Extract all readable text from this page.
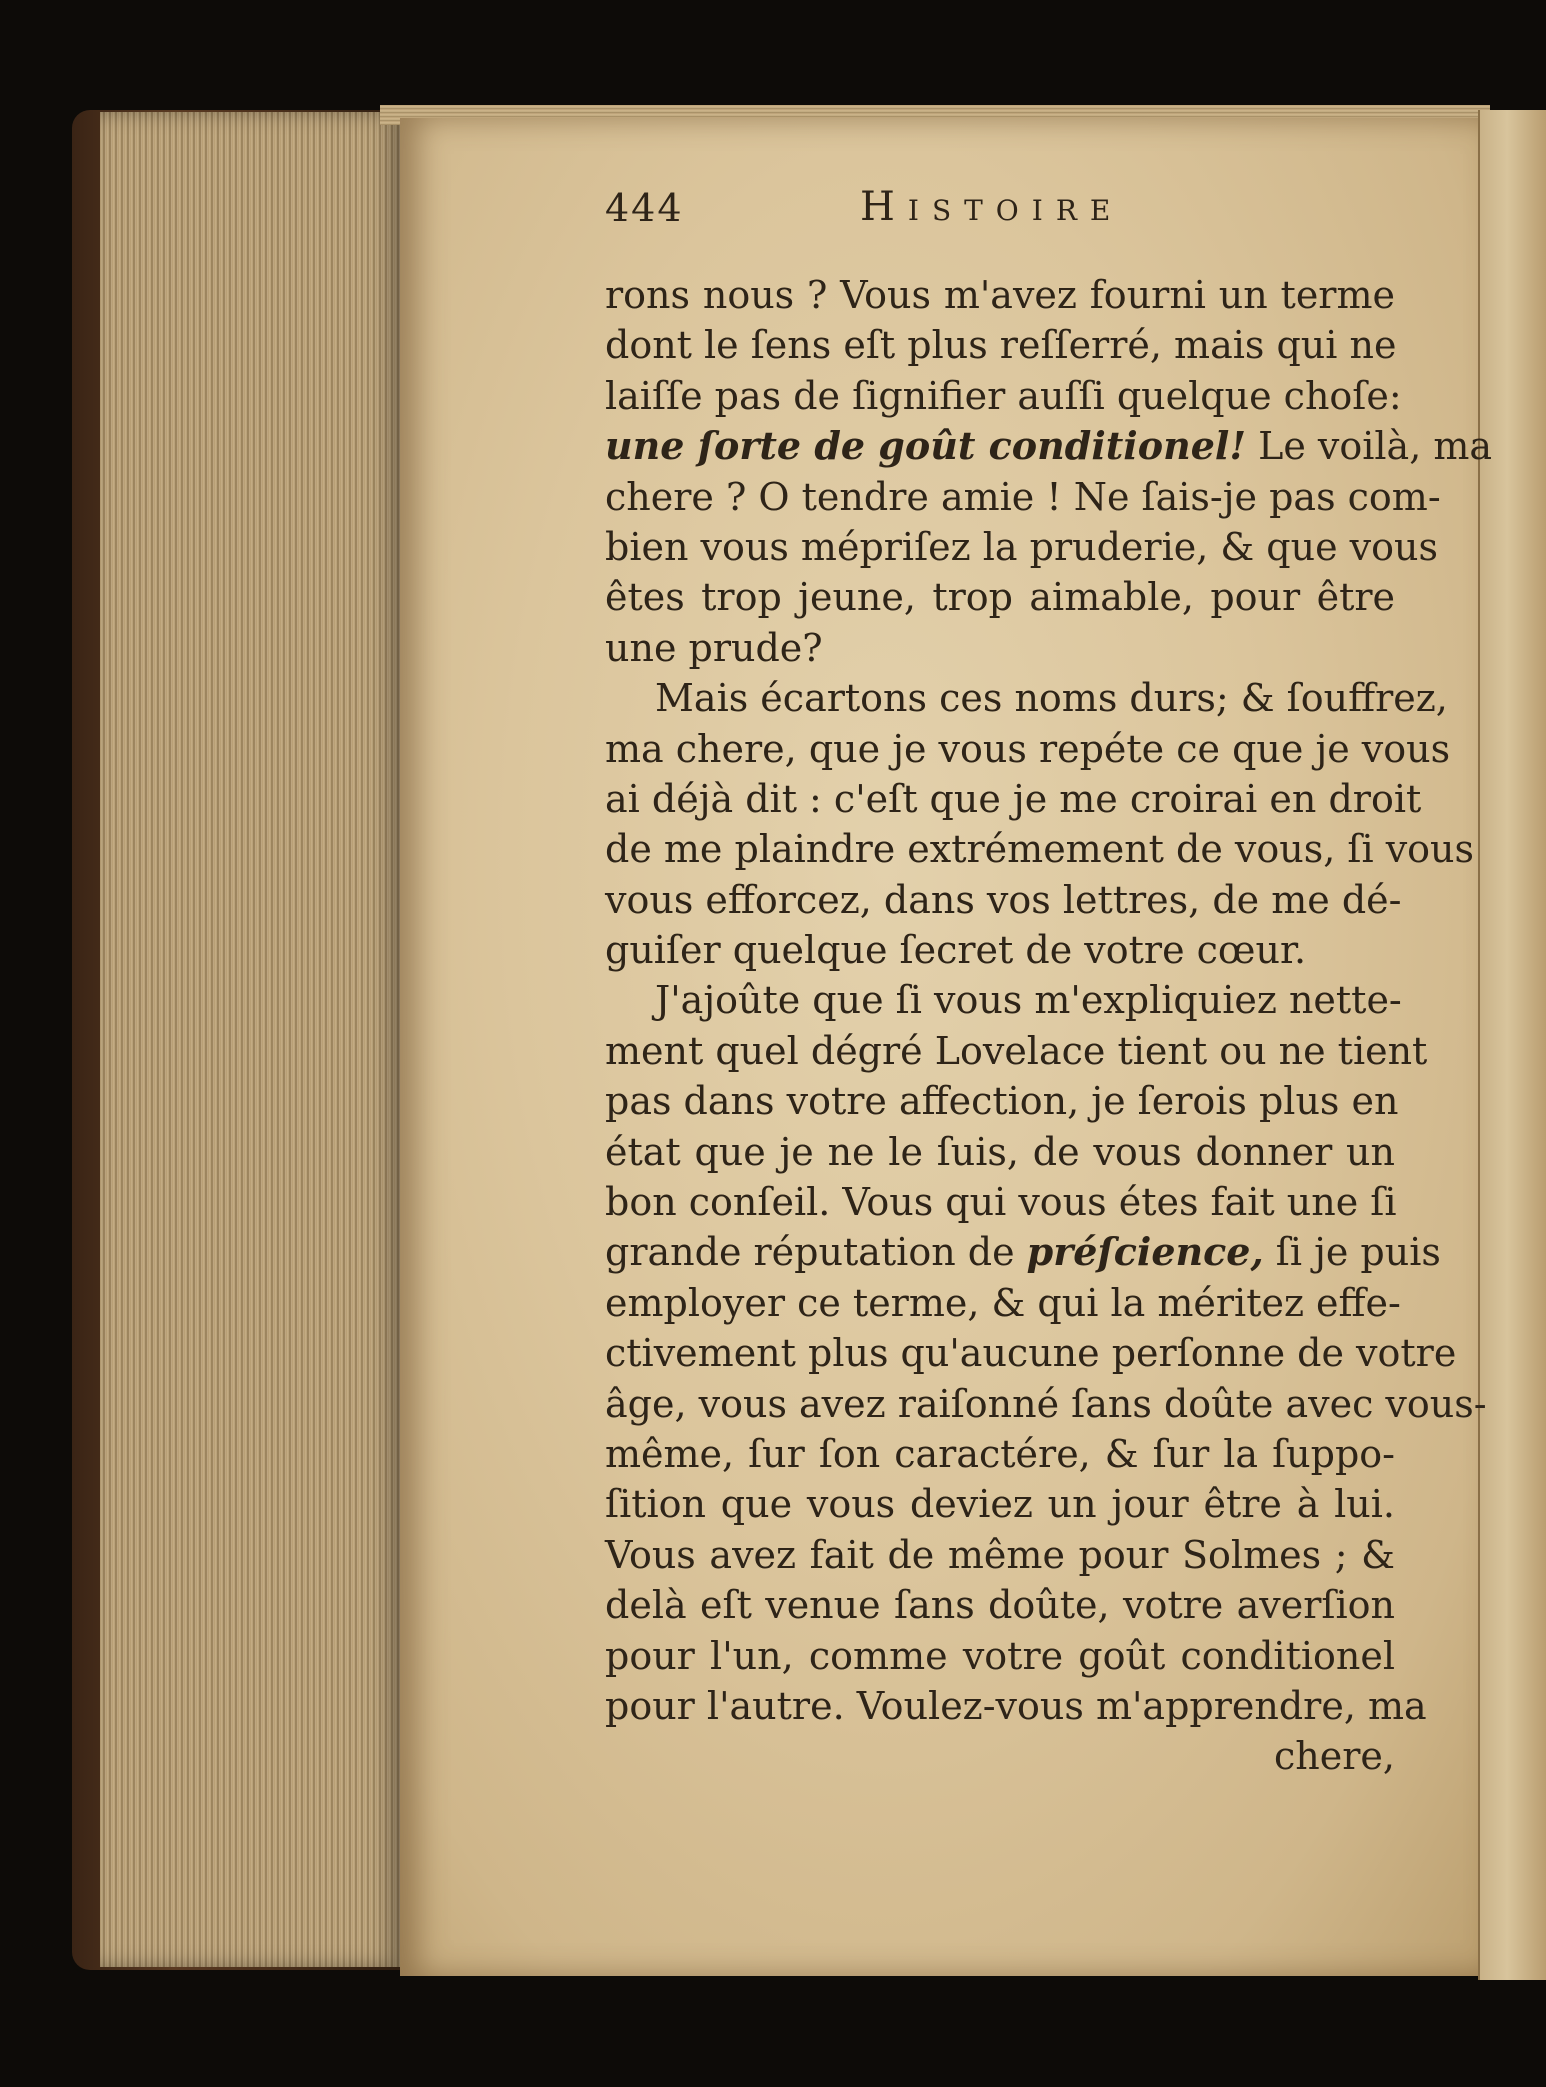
444	Histoire
rons nous ? Vous m'avez fourni un terme
dont le ſens eſt plus reſſerré, mais qui ne
laiſſe pas de ſignifier auſſi quelque choſe:
une ſorte de goût conditionel! Le voilà, ma
chere ? O tendre amie ! Ne ſais-je pas com-
bien vous mépriſez la pruderie, & que vous
êtes trop jeune, trop aimable, pour être
une prude?
Mais écartons ces noms durs; & ſouffrez,
ma chere, que je vous repéte ce que je vous
ai déjà dit : c'eſt que je me croirai en droit
de me plaindre extrémement de vous, ſi vous
vous efforcez, dans vos lettres, de me dé-
guiſer quelque ſecret de votre cœur.
J'ajoûte que ſi vous m'expliquiez nette-
ment quel dégré Lovelace tient ou ne tient
pas dans votre affection, je ſerois plus en
état que je ne le ſuis, de vous donner un
bon conſeil. Vous qui vous étes fait une ſi
grande réputation de préſcience, ſi je puis
employer ce terme, & qui la méritez effe-
ctivement plus qu'aucune perſonne de votre
âge, vous avez raiſonné ſans doûte avec vous-
même, ſur ſon caractére, & ſur la ſuppo-
ſition que vous deviez un jour être à lui.
Vous avez fait de même pour Solmes ; &
delà eſt venue ſans doûte, votre averſion
pour l'un, comme votre goût conditionel
pour l'autre. Voulez-vous m'apprendre, ma
chere,
